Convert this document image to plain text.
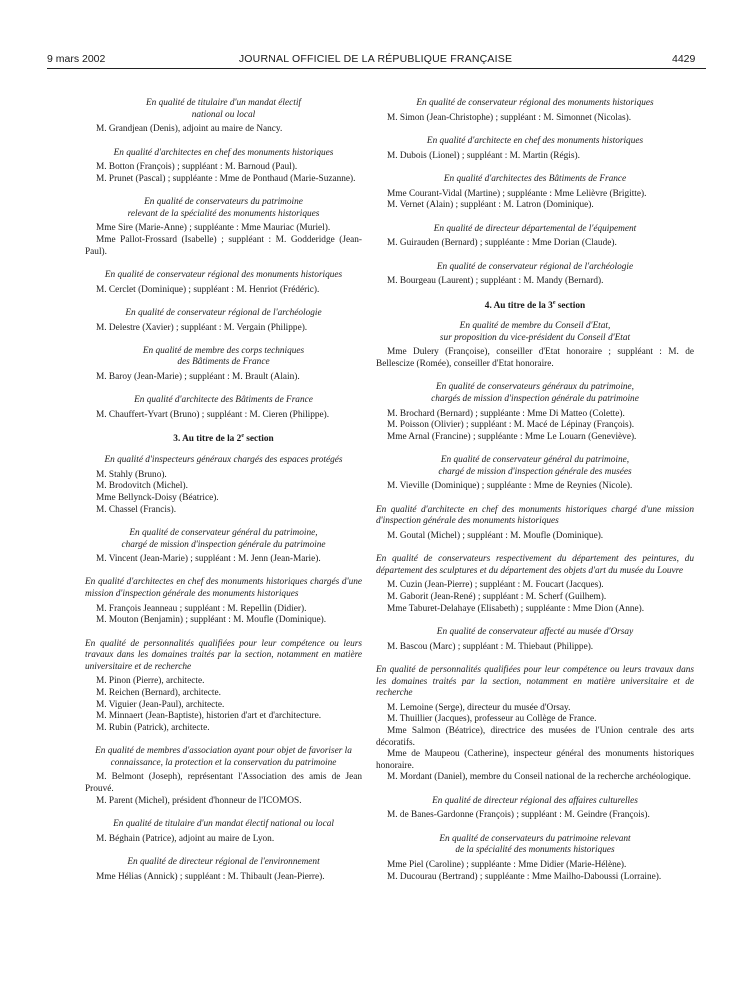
9 mars 2002	JOURNAL OFFICIEL DE LA RÉPUBLIQUE FRANÇAISE	4429
En qualité de titulaire d'un mandat électif
national ou local
M. Grandjean (Denis), adjoint au maire de Nancy.
En qualité d'architectes en chef des monuments historiques
M. Botton (François) ; suppléant : M. Barnoud (Paul).
M. Prunet (Pascal) ; suppléante : Mme de Ponthaud (Marie-Suzanne).
En qualité de conservateurs du patrimoine
relevant de la spécialité des monuments historiques
Mme Sire (Marie-Anne) ; suppléante : Mme Mauriac (Muriel).
Mme Pallot-Frossard (Isabelle) ; suppléant : M. Godderidge (Jean-Paul).
En qualité de conservateur régional des monuments historiques
M. Cerclet (Dominique) ; suppléant : M. Henriot (Frédéric).
En qualité de conservateur régional de l'archéologie
M. Delestre (Xavier) ; suppléant : M. Vergain (Philippe).
En qualité de membre des corps techniques
des Bâtiments de France
M. Baroy (Jean-Marie) ; suppléant : M. Brault (Alain).
En qualité d'architecte des Bâtiments de France
M. Chauffert-Yvart (Bruno) ; suppléant : M. Cieren (Philippe).
3. Au titre de la 2e section
En qualité d'inspecteurs généraux chargés des espaces protégés
M. Stahly (Bruno).
M. Brodovitch (Michel).
Mme Bellynck-Doisy (Béatrice).
M. Chassel (Francis).
En qualité de conservateur général du patrimoine,
chargé de mission d'inspection générale du patrimoine
M. Vincent (Jean-Marie) ; suppléant : M. Jenn (Jean-Marie).
En qualité d'architectes en chef des monuments historiques chargés d'une mission d'inspection générale des monuments historiques
M. François Jeanneau ; suppléant : M. Repellin (Didier).
M. Mouton (Benjamin) ; suppléant : M. Moufle (Dominique).
En qualité de personnalités qualifiées pour leur compétence ou leurs travaux dans les domaines traités par la section, notamment en matière universitaire et de recherche
M. Pinon (Pierre), architecte.
M. Reichen (Bernard), architecte.
M. Viguier (Jean-Paul), architecte.
M. Minnaert (Jean-Baptiste), historien d'art et d'architecture.
M. Rubin (Patrick), architecte.
En qualité de membres d'association ayant pour objet de favoriser la connaissance, la protection et la conservation du patrimoine
M. Belmont (Joseph), représentant l'Association des amis de Jean Prouvé.
M. Parent (Michel), président d'honneur de l'ICOMOS.
En qualité de titulaire d'un mandat électif national ou local
M. Béghain (Patrice), adjoint au maire de Lyon.
En qualité de directeur régional de l'environnement
Mme Hélias (Annick) ; suppléant : M. Thibault (Jean-Pierre).
En qualité de conservateur régional des monuments historiques
M. Simon (Jean-Christophe) ; suppléant : M. Simonnet (Nicolas).
En qualité d'architecte en chef des monuments historiques
M. Dubois (Lionel) ; suppléant : M. Martin (Régis).
En qualité d'architectes des Bâtiments de France
Mme Courant-Vidal (Martine) ; suppléante : Mme Lelièvre (Brigitte).
M. Vernet (Alain) ; suppléant : M. Latron (Dominique).
En qualité de directeur départemental de l'équipement
M. Guirauden (Bernard) ; suppléante : Mme Dorian (Claude).
En qualité de conservateur régional de l'archéologie
M. Bourgeau (Laurent) ; suppléant : M. Mandy (Bernard).
4. Au titre de la 3e section
En qualité de membre du Conseil d'Etat,
sur proposition du vice-président du Conseil d'Etat
Mme Dulery (Françoise), conseiller d'Etat honoraire ; suppléant : M. de Bellescize (Romée), conseiller d'Etat honoraire.
En qualité de conservateurs généraux du patrimoine,
chargés de mission d'inspection générale du patrimoine
M. Brochard (Bernard) ; suppléante : Mme Di Matteo (Colette).
M. Poisson (Olivier) ; suppléant : M. Macé de Lépinay (François).
Mme Arnal (Francine) ; suppléante : Mme Le Louarn (Geneviève).
En qualité de conservateur général du patrimoine,
chargé de mission d'inspection générale des musées
M. Vieville (Dominique) ; suppléante : Mme de Reynies (Nicole).
En qualité d'architecte en chef des monuments historiques chargé d'une mission d'inspection générale des monuments historiques
M. Goutal (Michel) ; suppléant : M. Moufle (Dominique).
En qualité de conservateurs respectivement du département des peintures, du département des sculptures et du département des objets d'art du musée du Louvre
M. Cuzin (Jean-Pierre) ; suppléant : M. Foucart (Jacques).
M. Gaborit (Jean-René) ; suppléant : M. Scherf (Guilhem).
Mme Taburet-Delahaye (Elisabeth) ; suppléante : Mme Dion (Anne).
En qualité de conservateur affecté au musée d'Orsay
M. Bascou (Marc) ; suppléant : M. Thiebaut (Philippe).
En qualité de personnalités qualifiées pour leur compétence ou leurs travaux dans les domaines traités par la section, notamment en matière universitaire et de recherche
M. Lemoine (Serge), directeur du musée d'Orsay.
M. Thuillier (Jacques), professeur au Collège de France.
Mme Salmon (Béatrice), directrice des musées de l'Union centrale des arts décoratifs.
Mme de Maupeou (Catherine), inspecteur général des monuments historiques honoraire.
M. Mordant (Daniel), membre du Conseil national de la recherche archéologique.
En qualité de directeur régional des affaires culturelles
M. de Banes-Gardonne (François) ; suppléant : M. Geindre (François).
En qualité de conservateurs du patrimoine relevant
de la spécialité des monuments historiques
Mme Piel (Caroline) ; suppléante : Mme Didier (Marie-Hélène).
M. Ducourau (Bertrand) ; suppléante : Mme Mailho-Daboussi (Lorraine).
